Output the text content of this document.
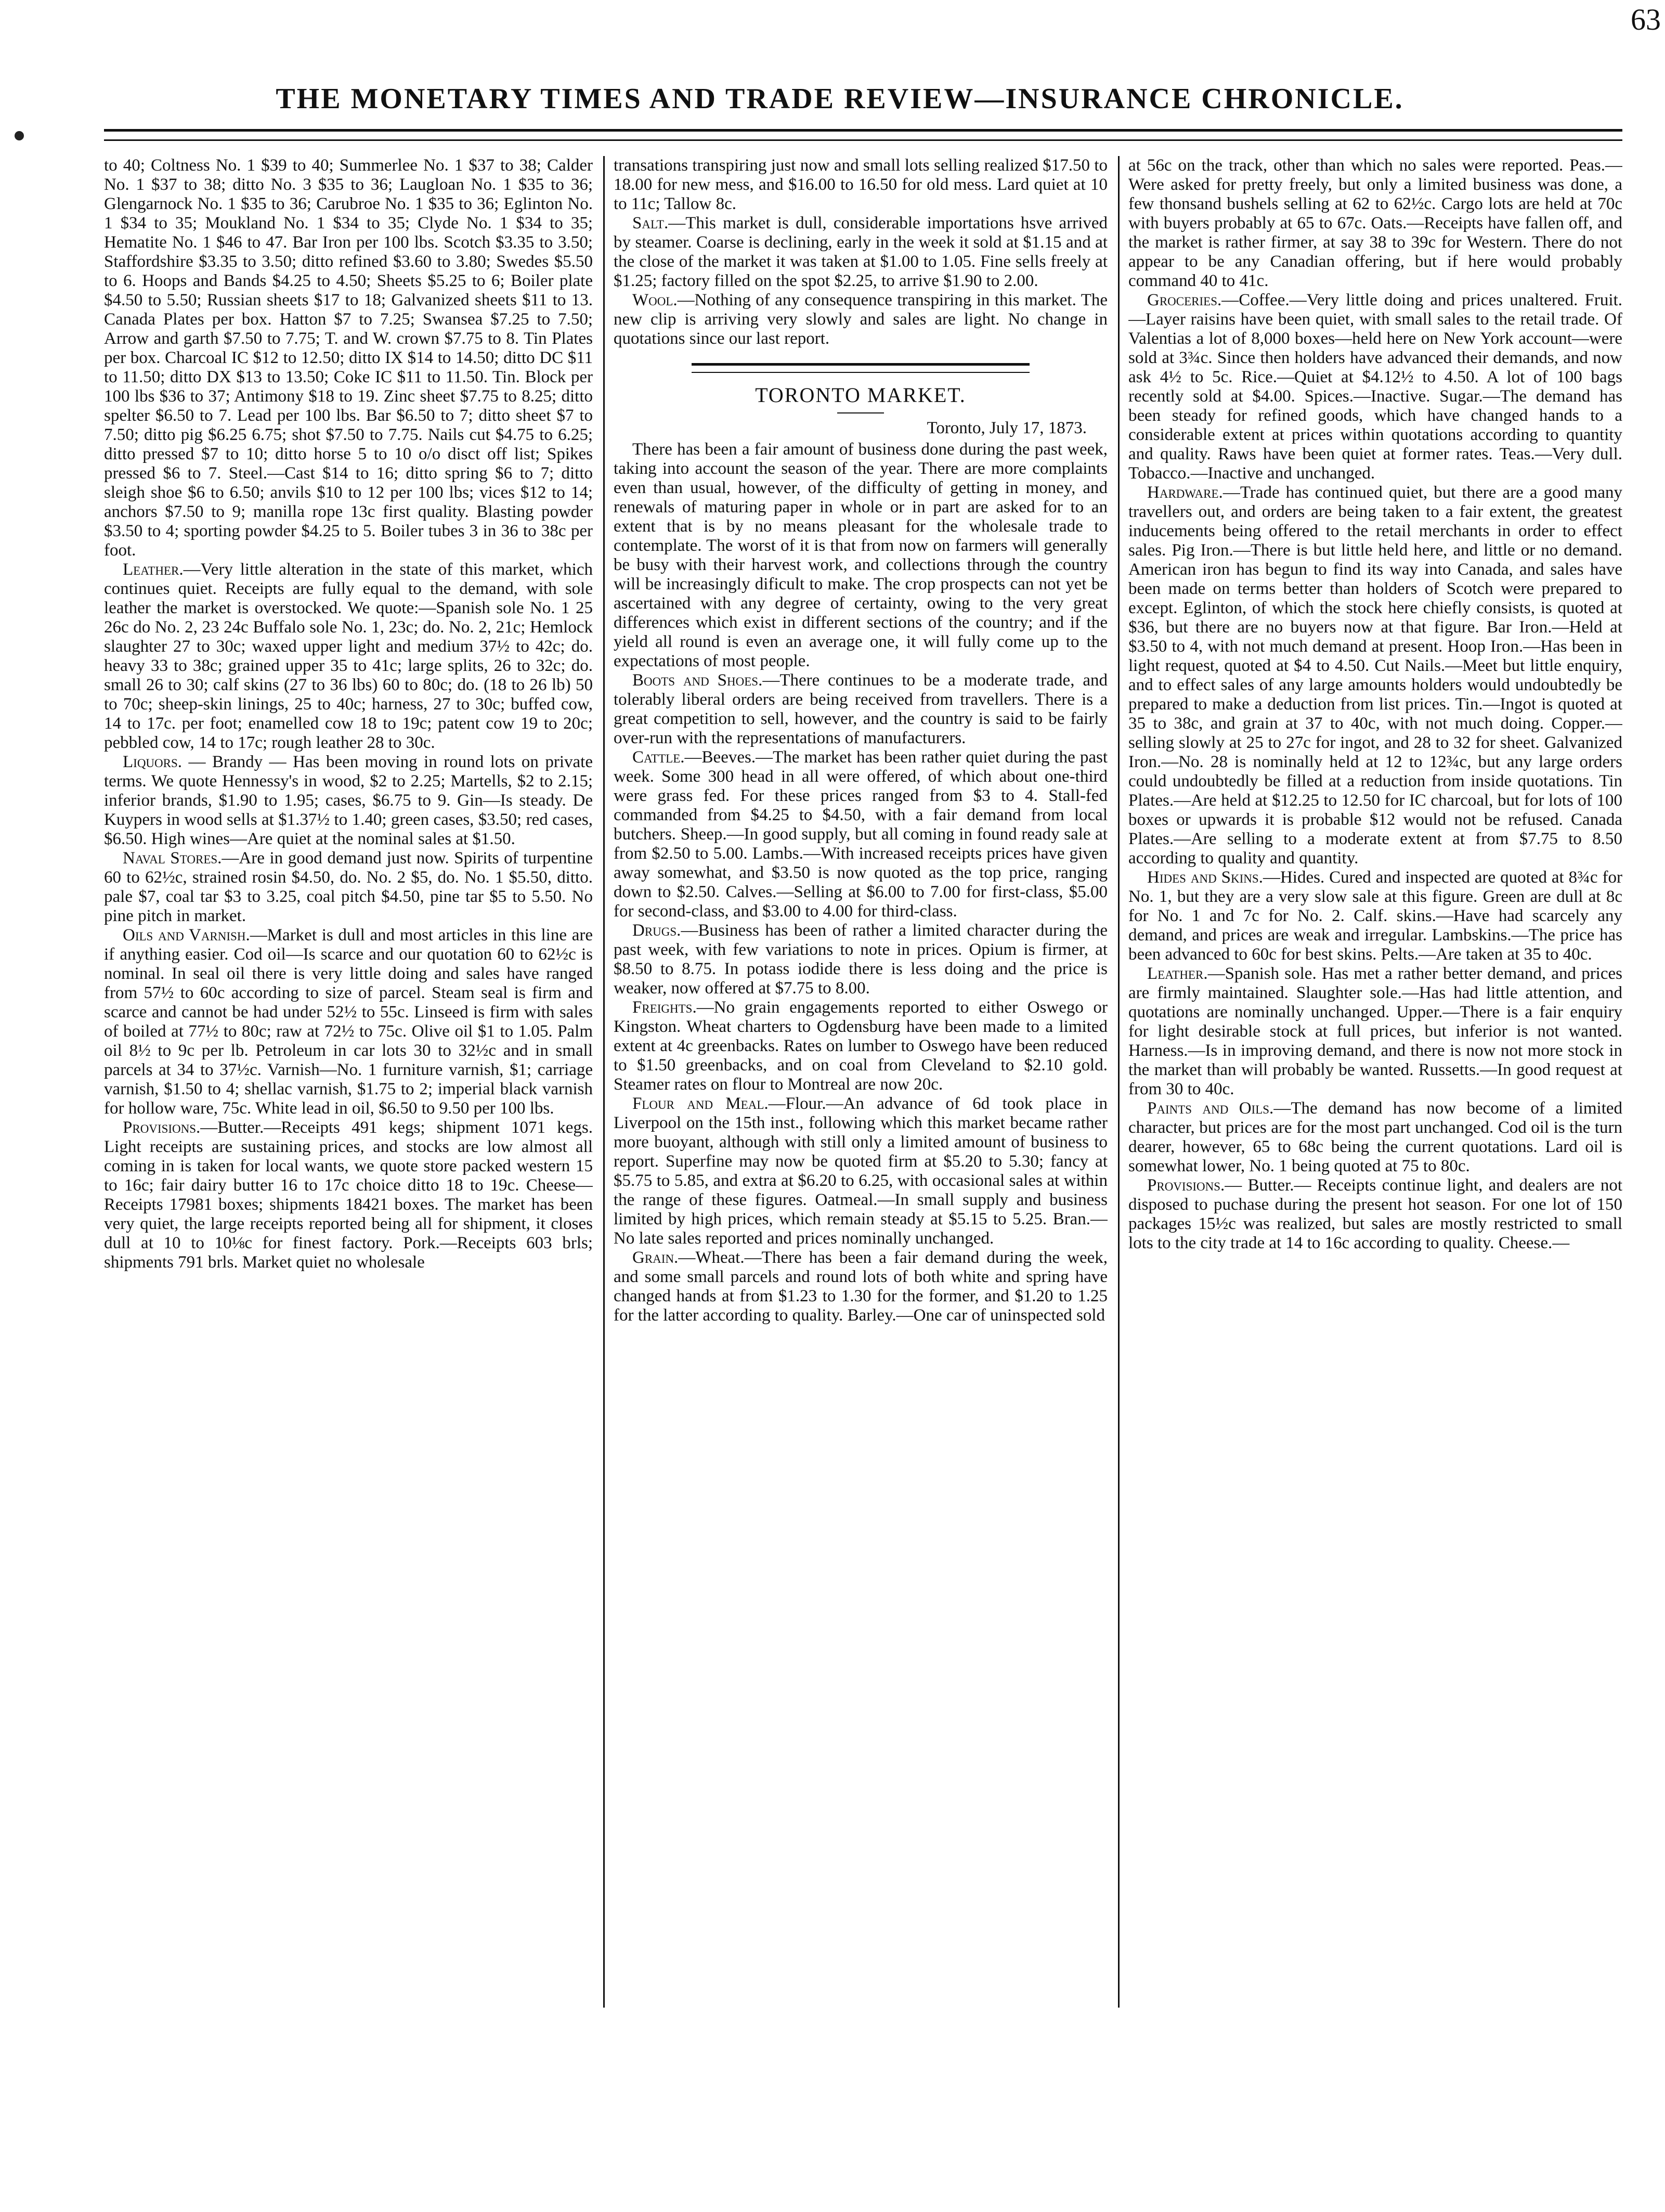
THE MONETARY TIMES AND TRADE REVIEW—INSURANCE CHRONICLE.
63

to 40; Coltness No. 1 $39 to 40; Summerlee No. 1 $37 to 38; Calder No. 1 $37 to 38; ditto No. 3 $35 to 36; Laugloan No. 1 $35 to 36; Glengarnock No. 1 $35 to 36; Carubroe No. 1 $35 to 36; Eglinton No. 1 $34 to 35; Moukland No. 1 $34 to 35; Clyde No. 1 $34 to 35; Hematite No. 1 $46 to 47. Bar Iron per 100 lbs. Scotch $3.35 to 3.50; Staffordshire $3.35 to 3.50; ditto refined $3.60 to 3.80; Swedes $5.50 to 6. Hoops and Bands $4.25 to 4.50; Sheets $5.25 to 6; Boiler plate $4.50 to 5.50; Russian sheets $17 to 18; Galvanized sheets $11 to 13. Canada Plates per box. Hatton $7 to 7.25; Swansea $7.25 to 7.50; Arrow and garth $7.50 to 7.75; T. and W. crown $7.75 to 8. Tin Plates per box. Charcoal IC $12 to 12.50; ditto IX $14 to 14.50; ditto DC $11 to 11.50; ditto DX $13 to 13.50; Coke IC $11 to 11.50. Tin. Block per 100 lbs $36 to 37; Antimony $18 to 19. Zinc sheet $7.75 to 8.25; ditto spelter $6.50 to 7. Lead per 100 lbs. Bar $6.50 to 7; ditto sheet $7 to 7.50; ditto pig $6.25 6.75; shot $7.50 to 7.75. Nails cut $4.75 to 6.25; ditto pressed $7 to 10; ditto horse 5 to 10 o/o disct off list; Spikes pressed $6 to 7. Steel.—Cast $14 to 16; ditto spring $6 to 7; ditto sleigh shoe $6 to 6.50; anvils $10 to 12 per 100 lbs; vices $12 to 14; anchors $7.50 to 9; manilla rope 13c first quality. Blasting powder $3.50 to 4; sporting powder $4.25 to 5. Boiler tubes 3 in 36 to 38c per foot.

Leather.—Very little alteration in the state of this market, which continues quiet. Receipts are fully equal to the demand, with sole leather the market is overstocked. We quote:—Spanish sole No. 1 25 26c do No. 2, 23 24c Buffalo sole No. 1, 23c; do. No. 2, 21c; Hemlock slaughter 27 to 30c; waxed upper light and medium 37½ to 42c; do. heavy 33 to 38c; grained upper 35 to 41c; large splits, 26 to 32c; do. small 26 to 30; calf skins (27 to 36 lbs) 60 to 80c; do. (18 to 26 lb) 50 to 70c; sheep-skin linings, 25 to 40c; harness, 27 to 30c; buffed cow, 14 to 17c. per foot; enamelled cow 18 to 19c; patent cow 19 to 20c; pebbled cow, 14 to 17c; rough leather 28 to 30c.

Liquors. — Brandy — Has been moving in round lots on private terms. We quote Hennessy's in wood, $2 to 2.25; Martells, $2 to 2.15; inferior brands, $1.90 to 1.95; cases, $6.75 to 9. Gin—Is steady. De Kuypers in wood sells at $1.37½ to 1.40; green cases, $3.50; red cases, $6.50. High wines—Are quiet at the nominal sales at $1.50.

Naval Stores.—Are in good demand just now. Spirits of turpentine 60 to 62½c, strained rosin $4.50, do. No. 2 $5, do. No. 1 $5.50, ditto. pale $7, coal tar $3 to 3.25, coal pitch $4.50, pine tar $5 to 5.50. No pine pitch in market.

Oils and Varnish.—Market is dull and most articles in this line are if anything easier. Cod oil—Is scarce and our quotation 60 to 62½c is nominal. In seal oil there is very little doing and sales have ranged from 57½ to 60c according to size of parcel. Steam seal is firm and scarce and cannot be had under 52½ to 55c. Linseed is firm with sales of boiled at 77½ to 80c; raw at 72½ to 75c. Olive oil $1 to 1.05. Palm oil 8½ to 9c per lb. Petroleum in car lots 30 to 32½c and in small parcels at 34 to 37½c. Varnish—No. 1 furniture varnish, $1; carriage varnish, $1.50 to 4; shellac varnish, $1.75 to 2; imperial black varnish for hollow ware, 75c. White lead in oil, $6.50 to 9.50 per 100 lbs.

Provisions.—Butter.—Receipts 491 kegs; shipment 1071 kegs. Light receipts are sustaining prices, and stocks are low almost all coming in is taken for local wants, we quote store packed western 15 to 16c; fair dairy butter 16 to 17c choice ditto 18 to 19c. Cheese—Receipts 17981 boxes; shipments 18421 boxes. The market has been very quiet, the large receipts reported being all for shipment, it closes dull at 10 to 10⅛c for finest factory. Pork.—Receipts 603 brls; shipments 791 brls. Market quiet no wholesale

transations transpiring just now and small lots selling realized $17.50 to 18.00 for new mess, and $16.00 to 16.50 for old mess. Lard quiet at 10 to 11c; Tallow 8c.

Salt.—This market is dull, considerable importations hsve arrived by steamer. Coarse is declining, early in the week it sold at $1.15 and at the close of the market it was taken at $1.00 to 1.05. Fine sells freely at $1.25; factory filled on the spot $2.25, to arrive $1.90 to 2.00.

Wool.—Nothing of any consequence transpiring in this market. The new clip is arriving very slowly and sales are light. No change in quotations since our last report.

TORONTO MARKET.

Toronto, July 17, 1873.

There has been a fair amount of business done during the past week, taking into account the season of the year. There are more complaints even than usual, however, of the difficulty of getting in money, and renewals of maturing paper in whole or in part are asked for to an extent that is by no means pleasant for the wholesale trade to contemplate. The worst of it is that from now on farmers will generally be busy with their harvest work, and collections through the country will be increasingly dificult to make. The crop prospects can not yet be ascertained with any degree of certainty, owing to the very great differences which exist in different sections of the country; and if the yield all round is even an average one, it will fully come up to the expectations of most people.

Boots and Shoes.—There continues to be a moderate trade, and tolerably liberal orders are being received from travellers. There is a great competition to sell, however, and the country is said to be fairly over-run with the representations of manufacturers.

Cattle.—Beeves.—The market has been rather quiet during the past week. Some 300 head in all were offered, of which about one-third were grass fed. For these prices ranged from $3 to 4. Stall-fed commanded from $4.25 to $4.50, with a fair demand from local butchers. Sheep.—In good supply, but all coming in found ready sale at from $2.50 to 5.00. Lambs.—With increased receipts prices have given away somewhat, and $3.50 is now quoted as the top price, ranging down to $2.50. Calves.—Selling at $6.00 to 7.00 for first-class, $5.00 for second-class, and $3.00 to 4.00 for third-class.

Drugs.—Business has been of rather a limited character during the past week, with few variations to note in prices. Opium is firmer, at $8.50 to 8.75. In potass iodide there is less doing and the price is weaker, now offered at $7.75 to 8.00.

Freights.—No grain engagements reported to either Oswego or Kingston. Wheat charters to Ogdensburg have been made to a limited extent at 4c greenbacks. Rates on lumber to Oswego have been reduced to $1.50 greenbacks, and on coal from Cleveland to $2.10 gold. Steamer rates on flour to Montreal are now 20c.

Flour and Meal.—Flour.—An advance of 6d took place in Liverpool on the 15th inst., following which this market became rather more buoyant, although with still only a limited amount of business to report. Superfine may now be quoted firm at $5.20 to 5.30; fancy at $5.75 to 5.85, and extra at $6.20 to 6.25, with occasional sales at within the range of these figures. Oatmeal.—In small supply and business limited by high prices, which remain steady at $5.15 to 5.25. Bran.—No late sales reported and prices nominally unchanged.

Grain.—Wheat.—There has been a fair demand during the week, and some small parcels and round lots of both white and spring have changed hands at from $1.23 to 1.30 for the former, and $1.20 to 1.25 for the latter according to quality. Barley.—One car of uninspected sold

at 56c on the track, other than which no sales were reported. Peas.—Were asked for pretty freely, but only a limited business was done, a few thonsand bushels selling at 62 to 62½c. Cargo lots are held at 70c with buyers probably at 65 to 67c. Oats.—Receipts have fallen off, and the market is rather firmer, at say 38 to 39c for Western. There do not appear to be any Canadian offering, but if here would probably command 40 to 41c.

Groceries.—Coffee.—Very little doing and prices unaltered. Fruit.—Layer raisins have been quiet, with small sales to the retail trade. Of Valentias a lot of 8,000 boxes—held here on New York account—were sold at 3¾c. Since then holders have advanced their demands, and now ask 4½ to 5c. Rice.—Quiet at $4.12½ to 4.50. A lot of 100 bags recently sold at $4.00. Spices.—Inactive. Sugar.—The demand has been steady for refined goods, which have changed hands to a considerable extent at prices within quotations according to quantity and quality. Raws have been quiet at former rates. Teas.—Very dull. Tobacco.—Inactive and unchanged.

Hardware.—Trade has continued quiet, but there are a good many travellers out, and orders are being taken to a fair extent, the greatest inducements being offered to the retail merchants in order to effect sales. Pig Iron.—There is but little held here, and little or no demand. American iron has begun to find its way into Canada, and sales have been made on terms better than holders of Scotch were prepared to except. Eglinton, of which the stock here chiefly consists, is quoted at $36, but there are no buyers now at that figure. Bar Iron.—Held at $3.50 to 4, with not much demand at present. Hoop Iron.—Has been in light request, quoted at $4 to 4.50. Cut Nails.—Meet but little enquiry, and to effect sales of any large amounts holders would undoubtedly be prepared to make a deduction from list prices. Tin.—Ingot is quoted at 35 to 38c, and grain at 37 to 40c, with not much doing. Copper.—selling slowly at 25 to 27c for ingot, and 28 to 32 for sheet. Galvanized Iron.—No. 28 is nominally held at 12 to 12¾c, but any large orders could undoubtedly be filled at a reduction from inside quotations. Tin Plates.—Are held at $12.25 to 12.50 for IC charcoal, but for lots of 100 boxes or upwards it is probable $12 would not be refused. Canada Plates.—Are selling to a moderate extent at from $7.75 to 8.50 according to quality and quantity.

Hides and Skins.—Hides. Cured and inspected are quoted at 8¾c for No. 1, but they are a very slow sale at this figure. Green are dull at 8c for No. 1 and 7c for No. 2. Calf. skins.—Have had scarcely any demand, and prices are weak and irregular. Lambskins.—The price has been advanced to 60c for best skins. Pelts.—Are taken at 35 to 40c.

Leather.—Spanish sole. Has met a rather better demand, and prices are firmly maintained. Slaughter sole.—Has had little attention, and quotations are nominally unchanged. Upper.—There is a fair enquiry for light desirable stock at full prices, but inferior is not wanted. Harness.—Is in improving demand, and there is now not more stock in the market than will probably be wanted. Russetts.—In good request at from 30 to 40c.

Paints and Oils.—The demand has now become of a limited character, but prices are for the most part unchanged. Cod oil is the turn dearer, however, 65 to 68c being the current quotations. Lard oil is somewhat lower, No. 1 being quoted at 75 to 80c.

Provisions.— Butter.— Receipts continue light, and dealers are not disposed to puchase during the present hot season. For one lot of 150 packages 15½c was realized, but sales are mostly restricted to small lots to the city trade at 14 to 16c according to quality. Cheese.—
